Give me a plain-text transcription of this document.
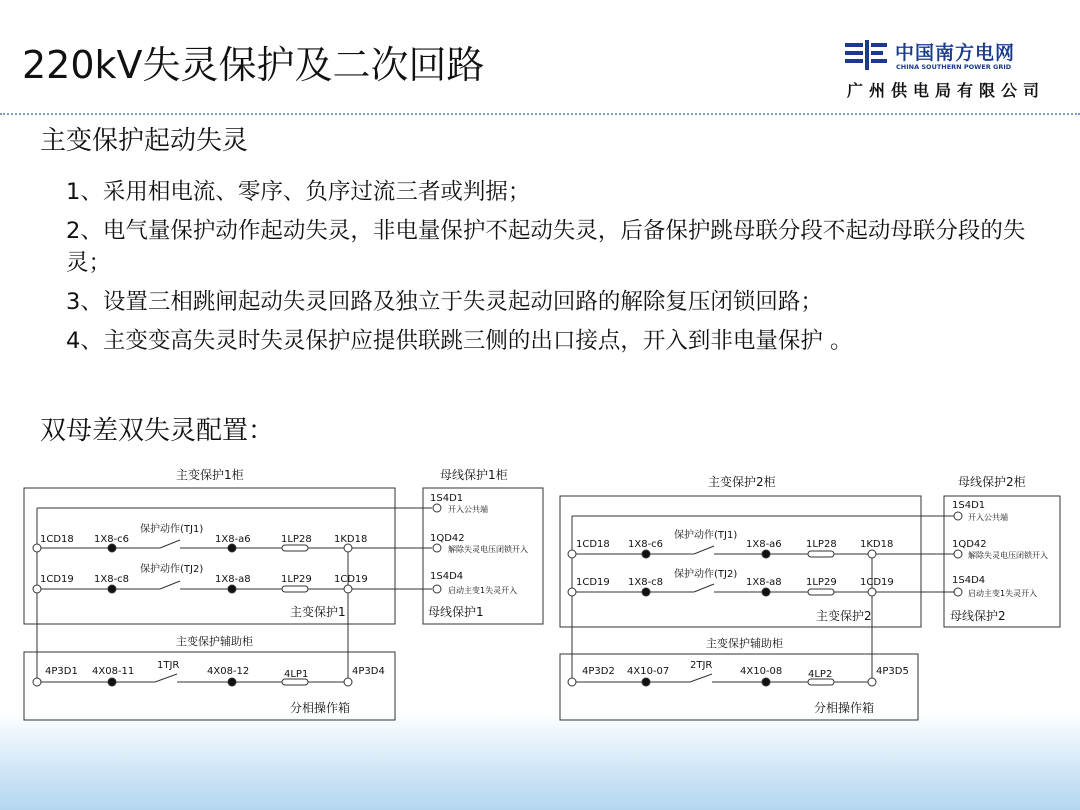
220kV失灵保护及二次回路	中国南方电网
CHINA SOUTHERN POWER GRID
广州供电局有限公司
主变保护起动失灵
1、采用相电流、零序、负序过流三者或判据；
2、电气量保护动作起动失灵，非电量保护不起动失灵，后备保护跳母联分段不起动母联分段的失灵；
3、设置三相跳闸起动失灵回路及独立于失灵起动回路的解除复压闭锁回路；
4、主变变高失灵时失灵保护应提供联跳三侧的出口接点，开入到非电量保护 。
双母差双失灵配置：
主变保护1柜	母线保护1柜
1CD18 1X8-c6
保护动作(TJ1)
1X8-a6	1LP28 1KD18
1CD19 1X8-c8
保护动作(TJ2)
1X8-a8	1LP29 1CD19
1S4D1
开入公共端
1QD42
解除失灵电压闭锁开入
1S4D4
启动主变1失灵开入
主变保护1	母线保护1
主变保护辅助柜
4P3D1 4X08-11
1TJR
4X08-12	4LP1	4P3D4
分相操作箱
主变保护2柜	母线保护2柜
1CD18 1X8-c6
保护动作(TJ1)
1X8-a6 1LP28 1KD18
1CD19 1X8-c8
保护动作(TJ2)
1X8-a8 1LP29 1CD19
1S4D1
开入公共端
1QD42
解除失灵电压闭锁开入
1S4D4
启动主变1失灵开入
主变保护2	母线保护2
主变保护辅助柜
4P3D2 4X10-07
2TJR
4X10-08	4LP2	4P3D5
分相操作箱
